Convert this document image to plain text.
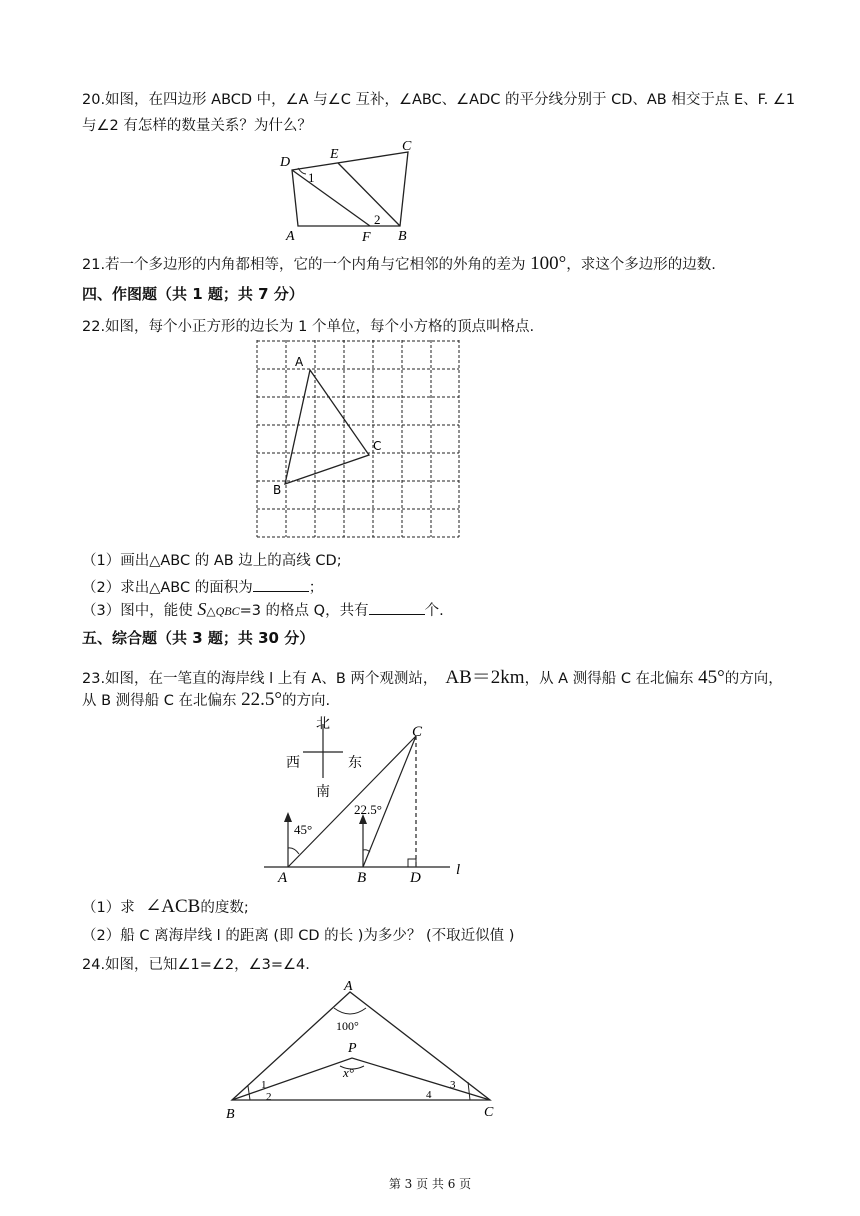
20.如图，在四边形 ABCD 中，∠A 与∠C 互补，∠ABC、∠ADC 的平分线分别于 CD、AB 相交于点 E、F. ∠1
与∠2 有怎样的数量关系？为什么？
D
E
C
A	F B
1
2
21.若一个多边形的内角都相等，它的一个内角与它相邻的外角的差为 100°，求这个多边形的边数.
四、作图题（共 1 题；共 7 分）
22.如图，每个小正方形的边长为 1 个单位，每个小方格的顶点叫格点.
A
C
B
（1）画出△ABC 的 AB 边上的高线 CD;
（2）求出△ABC 的面积为	；
（3）图中，能使 S△QBC=3 的格点 Q，共有	个.
五、综合题（共 3 题；共 30 分）
23.如图，在一笔直的海岸线 l 上有 A、B 两个观测站， AB＝2km，从 A 测得船 C 在北偏东 45°的方向，
从 B 测得船 C 在北偏东 22.5°的方向.
北
南
西	东
45°
22.5°
C
A	B	D l
（1）求 ∠ACB的度数;
（2）船 C 离海岸线 l 的距离 (即 CD 的长 )为多少？ (不取近似值 )
24.如图，已知∠1=∠2，∠3=∠4.
A
100°
P
x°
1
2
3
4
B	C
第 3 页 共 6 页
